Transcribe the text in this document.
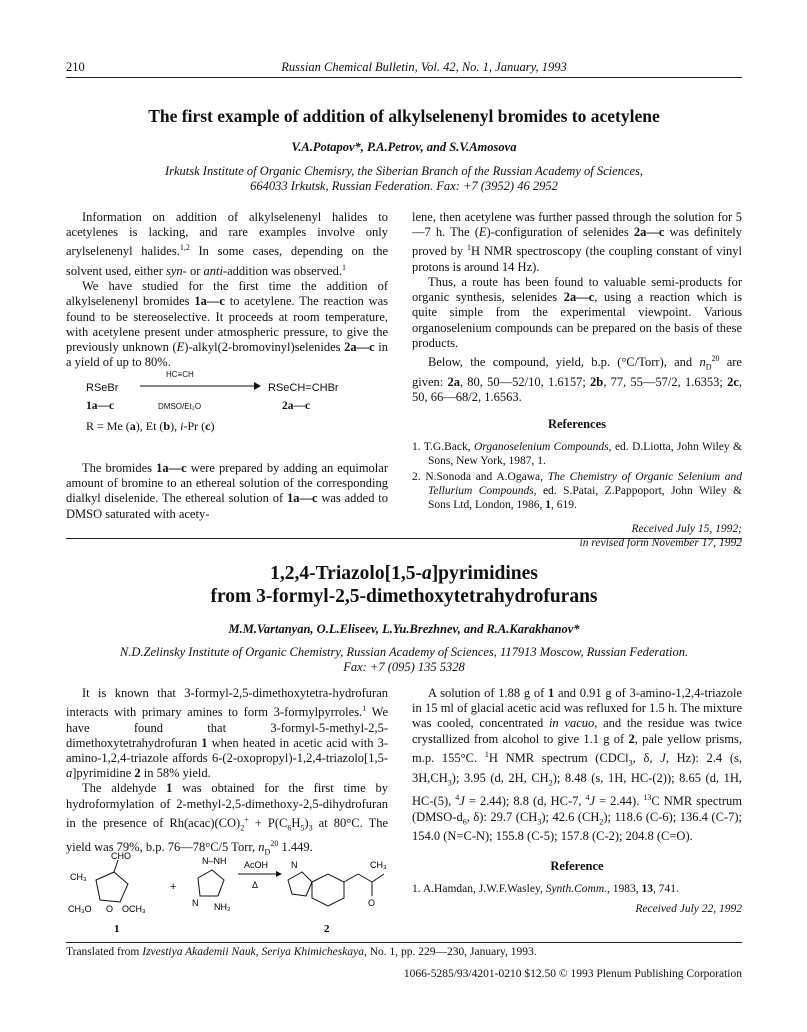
210	Russian Chemical Bulletin, Vol. 42, No. 1, January, 1993
The first example of addition of alkylselenenyl bromides to acetylene
V.A.Potapov*, P.A.Petrov, and S.V.Amosova
Irkutsk Institute of Organic Chemisry, the Siberian Branch of the Russian Academy of Sciences,
664033 Irkutsk, Russian Federation. Fax: +7 (3952) 46 2952

Information on addition of alkylselenenyl halides to acetylenes is lacking, and rare examples involve only arylselenenyl halides.$^{1,2}$ In some cases, depending on the solvent used, either syn- or anti-addition was observed.$^1$

We have studied for the first time the addition of alkylselenenyl bromides 1a—c to acetylene. The reaction was found to be stereoselective. It proceeds at room temperature, with acetylene present under atmospheric pressure, to give the previously unknown (E)-alkyl(2-bromovinyl)selenides 2a—c in a yield of up to 80%.

RSeBr
HC≡CH
RSeCH=CHBr
1a—c	DMSO/Et₂O	2a—c
R = Me (a), Et (b), i-Pr (c)

The bromides 1a—c were prepared by adding an equimolar amount of bromine to an ethereal solution of the corresponding dialkyl diselenide. The ethereal solution of 1a—c was added to DMSO saturated with acety-

lene, then acetylene was further passed through the solution for 5—7 h. The (E)-configuration of selenides 2a—c was definitely proved by $^1$H NMR spectroscopy (the coupling constant of vinyl protons is around 14 Hz).

Thus, a route has been found to valuable semi-products for organic synthesis, selenides 2a—c, using a reaction which is quite simple from the experimental viewpoint. Various organoselenium compounds can be prepared on the basis of these products.

Below, the compound, yield, b.p. (°C/Torr), and $n_D^{20}$ are given: 2a, 80, 50—52/10, 1.6157; 2b, 77, 55—57/2, 1.6353; 2c, 50, 66—68/2, 1.6563.

References
1. T.G.Back, Organoselenium Compounds, ed. D.Liotta, John Wiley & Sons, New York, 1987, 1.
2. N.Sonoda and A.Ogawa, The Chemistry of Organic Selenium and Tellurium Compounds, ed. S.Patai, Z.Pappoport, John Wiley & Sons Ltd, London, 1986, 1, 619.
Received July 15, 1992;
in revised form November 17, 1992
1,2,4-Triazolo[1,5-a]pyrimidines
from 3-formyl-2,5-dimethoxytetrahydrofurans
M.M.Vartanyan, O.L.Eliseev, L.Yu.Brezhnev, and R.A.Karakhanov*
N.D.Zelinsky Institute of Organic Chemistry, Russian Academy of Sciences, 117913 Moscow, Russian Federation.
Fax: +7 (095) 135 5328

It is known that 3-formyl-2,5-dimethoxytetra-hydrofuran interacts with primary amines to form 3-formylpyrroles.$^1$ We have found that 3-formyl-5-methyl-2,5-dimethoxytetrahydrofuran 1 when heated in acetic acid with 3-amino-1,2,4-triazole affords 6-(2-oxopropyl)-1,2,4-triazolo[1,5-a]pyrimidine 2 in 58% yield.

The aldehyde 1 was obtained for the first time by hydroformylation of 2-methyl-2,5-dimethoxy-2,5-dihydrofuran in the presence of $Rh(acac)(CO)_2^+ + P(C_6H_5)_3$ at 80°C. The yield was 79%, b.p. 76—78°C/5 Torr, $n_D^{20}$ 1.449.

CHO
CH₃
CH₃O O OCH₃
+
N–NH
NH₂
N
AcOH
Δ
O
CH₃
N
1	2

A solution of 1.88 g of 1 and 0.91 g of 3-amino-1,2,4-triazole in 15 ml of glacial acetic acid was refluxed for 1.5 h. The mixture was cooled, concentrated in vacuo, and the residue was twice crystallized from alcohol to give 1.1 g of 2, pale yellow prisms, m.p. 155°C. $^1$H NMR spectrum (CDCl$_3$, δ, J, Hz): 2.4 (s, $3H,CH_3$); 3.95 (d, 2H, $CH_2$); 8.48 (s, 1H, HC-(2)); 8.65 (d, 1H, HC-(5), $^4$J = 2.44); 8.8 (d, HC-7, $^4$J = 2.44). $^{13}$C NMR spectrum ($DMSO-d_6$, δ): 29.7 $(CH_3)$; 42.6 $(CH_2)$; 118.6 (C-6); 136.4 (C-7); 154.0 (N=C-N); 155.8 (C-5); 157.8 (C-2); 204.8 (C=O).

Reference
1. A.Hamdan, J.W.F.Wasley, Synth.Comm., 1983, 13, 741.
Received July 22, 1992
Translated from Izvestiya Akademii Nauk, Seriya Khimicheskaya, No. 1, pp. 229—230, January, 1993.
1066-5285/93/4201-0210 $12.50 © 1993 Plenum Publishing Corporation
